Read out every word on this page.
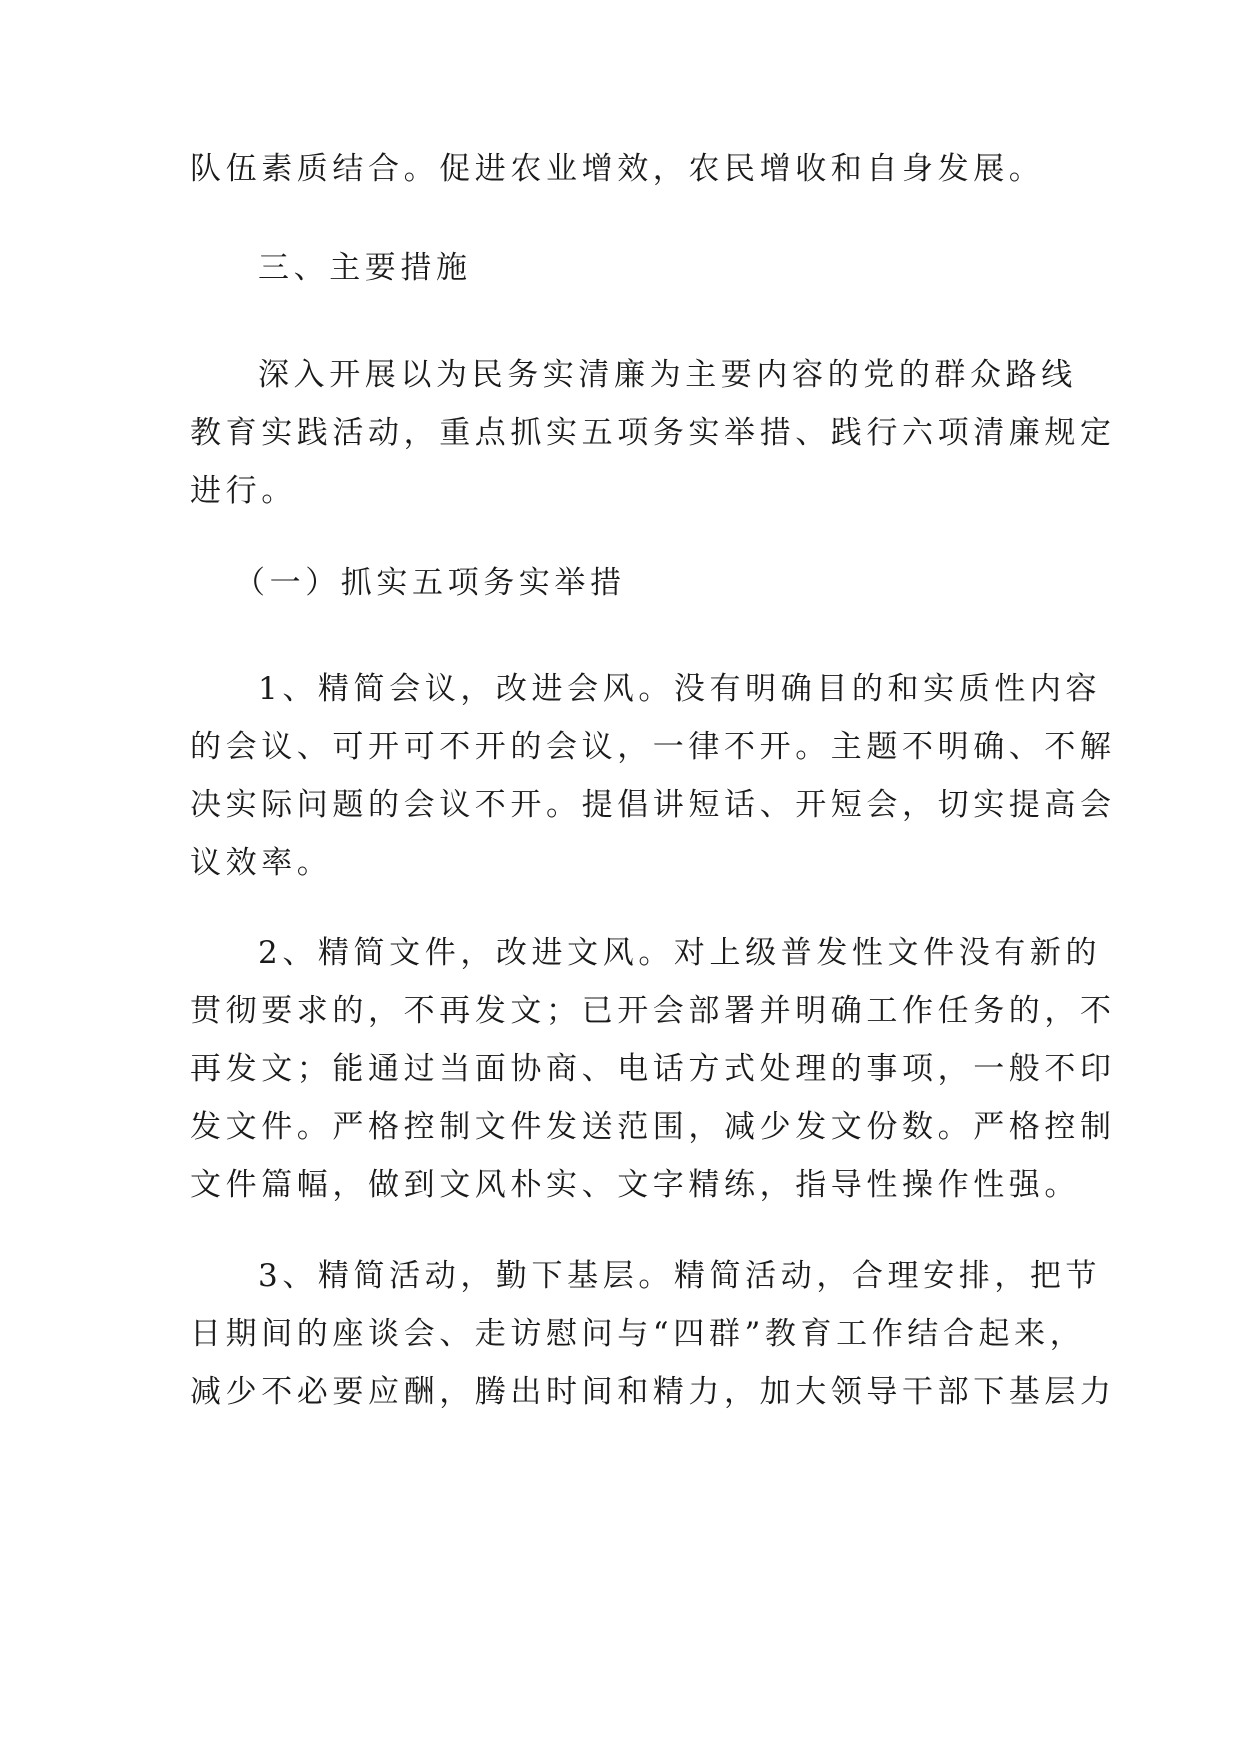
队伍素质结合。促进农业增效，农民增收和自身发展。
三、主要措施
深入开展以为民务实清廉为主要内容的党的群众路线
教育实践活动，重点抓实五项务实举措、践行六项清廉规定
进行。
（一）抓实五项务实举措
1、精简会议，改进会风。没有明确目的和实质性内容
的会议、可开可不开的会议，一律不开。主题不明确、不解
决实际问题的会议不开。提倡讲短话、开短会，切实提高会
议效率。
2、精简文件，改进文风。对上级普发性文件没有新的
贯彻要求的，不再发文；已开会部署并明确工作任务的，不
再发文；能通过当面协商、电话方式处理的事项，一般不印
发文件。严格控制文件发送范围，减少发文份数。严格控制
文件篇幅，做到文风朴实、文字精练，指导性操作性强。
3、精简活动，勤下基层。精简活动，合理安排，把节
日期间的座谈会、走访慰问与“四群”教育工作结合起来，
减少不必要应酬，腾出时间和精力，加大领导干部下基层力
